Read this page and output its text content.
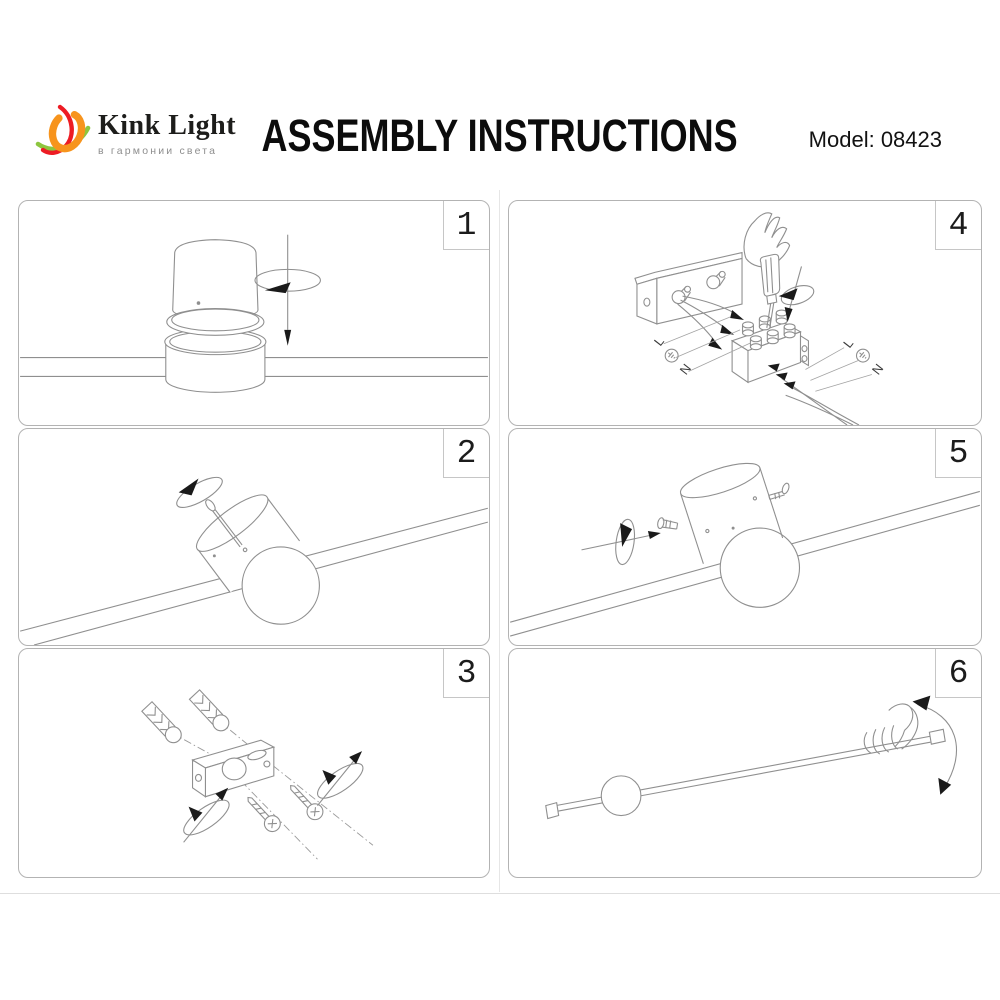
Kink Light
в гармонии света ASSEMBLY INSTRUCTIONS	Model: 08423
1
2
3
L
N
L
N
4
5
6
